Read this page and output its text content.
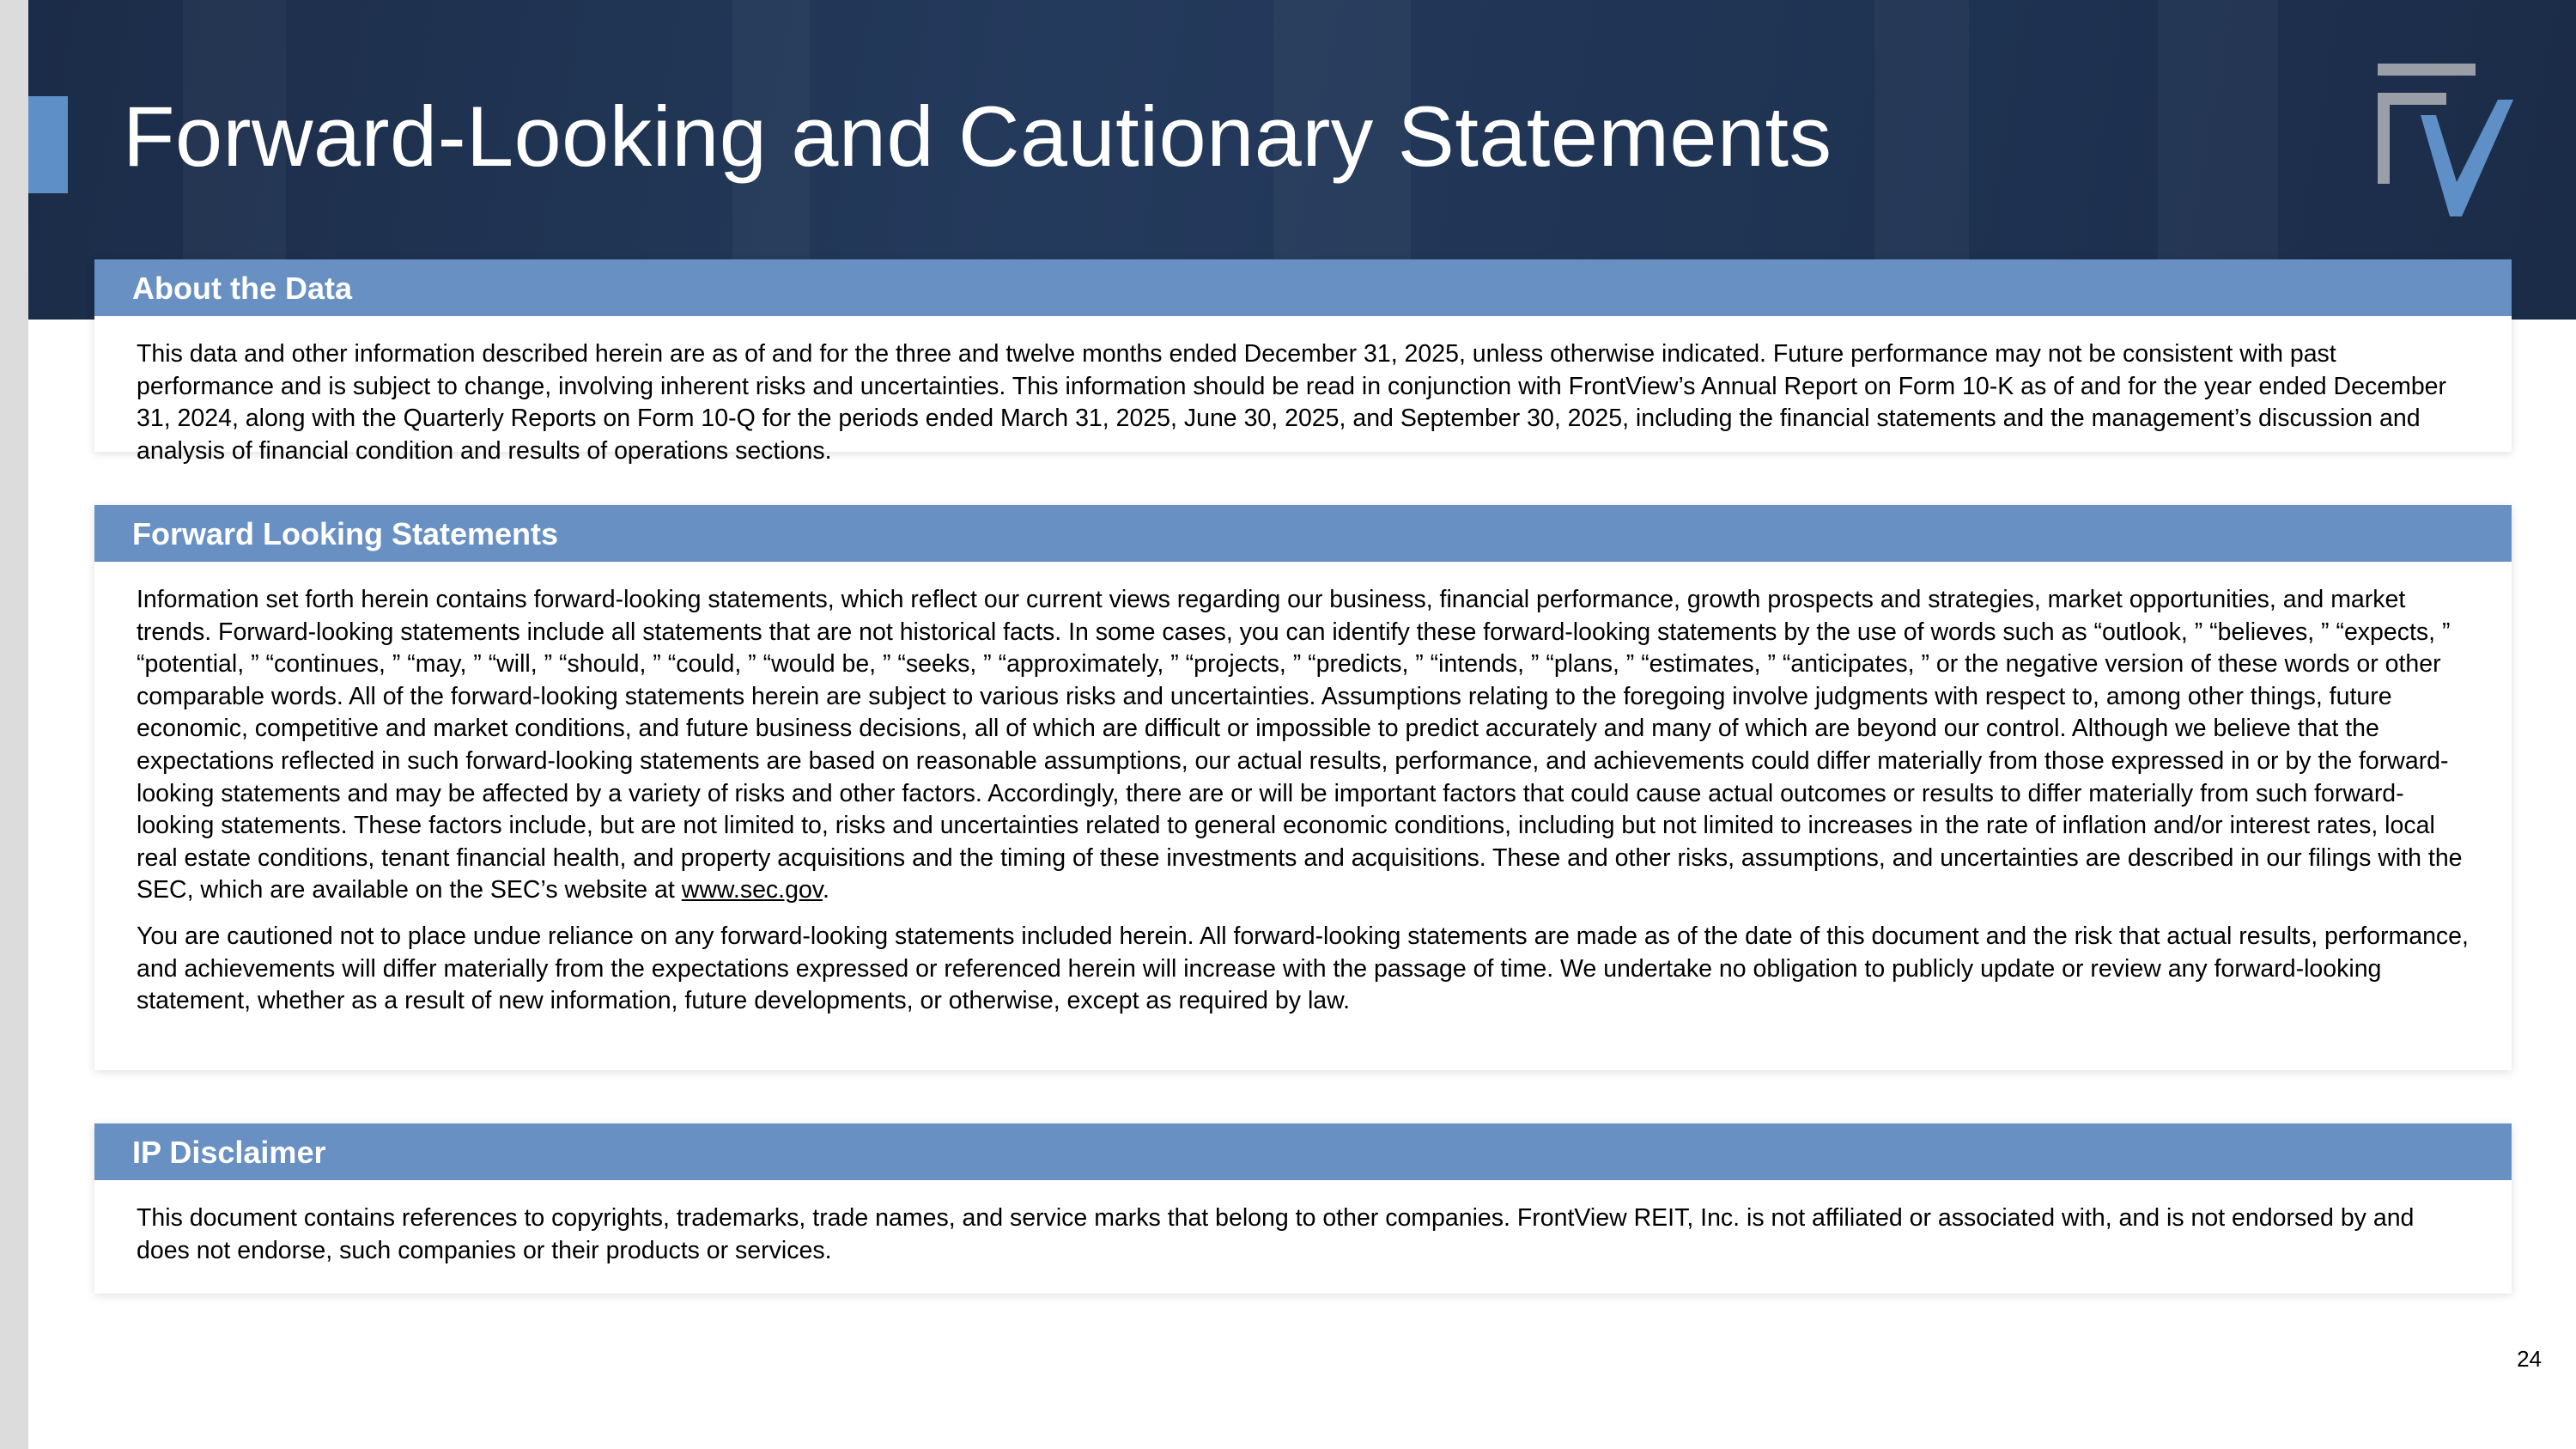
Forward-Looking and Cautionary Statements
About the Data

This data and other information described herein are as of and for the three and twelve months ended December 31, 2025, unless otherwise indicated. Future performance may not be consistent with past performance and is subject to change, involving inherent risks and uncertainties. This information should be read in conjunction with FrontView’s Annual Report on Form 10-K as of and for the year ended December 31, 2024, along with the Quarterly Reports on Form 10-Q for the periods ended March 31, 2025, June 30, 2025, and September 30, 2025, including the financial statements and the management’s discussion and analysis of financial condition and results of operations sections.

Forward Looking Statements

Information set forth herein contains forward-looking statements, which reflect our current views regarding our business, financial performance, growth prospects and strategies, market opportunities, and market trends. Forward-looking statements include all statements that are not historical facts. In some cases, you can identify these forward-looking statements by the use of words such as “outlook, ” “believes, ” “expects, ” “potential, ” “continues, ” “may, ” “will, ” “should, ” “could, ” “would be, ” “seeks, ” “approximately, ” “projects, ” “predicts, ” “intends, ” “plans, ” “estimates, ” “anticipates, ” or the negative version of these words or other comparable words. All of the forward-looking statements herein are subject to various risks and uncertainties. Assumptions relating to the foregoing involve judgments with respect to, among other things, future economic, competitive and market conditions, and future business decisions, all of which are difficult or impossible to predict accurately and many of which are beyond our control. Although we believe that the expectations reflected in such forward-looking statements are based on reasonable assumptions, our actual results, performance, and achievements could differ materially from those expressed in or by the forward-looking statements and may be affected by a variety of risks and other factors. Accordingly, there are or will be important factors that could cause actual outcomes or results to differ materially from such forward-looking statements. These factors include, but are not limited to, risks and uncertainties related to general economic conditions, including but not limited to increases in the rate of inflation and/or interest rates, local real estate conditions, tenant financial health, and property acquisitions and the timing of these investments and acquisitions. These and other risks, assumptions, and uncertainties are described in our filings with the SEC, which are available on the SEC’s website at www.sec.gov.

You are cautioned not to place undue reliance on any forward-looking statements included herein. All forward-looking statements are made as of the date of this document and the risk that actual results, performance, and achievements will differ materially from the expectations expressed or referenced herein will increase with the passage of time. We undertake no obligation to publicly update or review any forward-looking statement, whether as a result of new information, future developments, or otherwise, except as required by law.

IP Disclaimer

This document contains references to copyrights, trademarks, trade names, and service marks that belong to other companies. FrontView REIT, Inc. is not affiliated or associated with, and is not endorsed by and does not endorse, such companies or their products or services.

24
